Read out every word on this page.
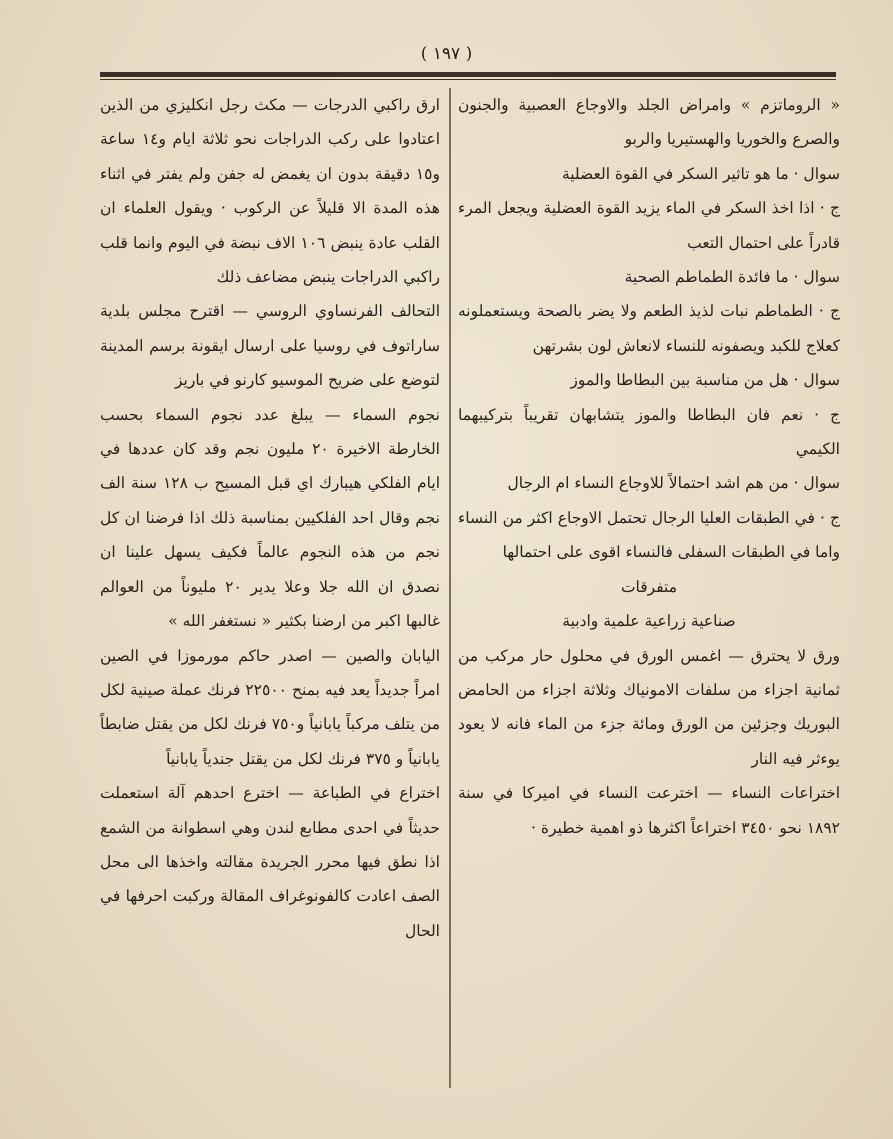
( ١٩٧ )

« الروماتزم » وامراض الجلد والاوجاع العصبية والجنون والصرع والخوريا والهستيريا والربو

سوال · ما هو تاثير السكر في القوة العضلية

ج · اذا اخذ السكر في الماء يزيد القوة العضلية ويجعل المرء قادراً على احتمال التعب

سوال · ما فائدة الطماطم الصحية

ج · الطماطم نبات لذيذ الطعم ولا يضر بالصحة ويستعملونه كعلاج للكبد ويصفونه للنساء لانعاش لون بشرتهن

سوال · هل من مناسبة بين البطاطا والموز

ج · نعم فان البطاطا والموز يتشابهان تقريباً بتركيبهما الكيمي

سوال · من هم اشد احتمالاً للاوجاع النساء ام الرجال

ج · في الطبقات العليا الرجال تحتمل الاوجاع اكثر من النساء واما في الطبقات السفلى فالنساء اقوى على احتمالها

متفرقات

صناعية زراعية علمية وادبية

ورق لا يحترق — اغمس الورق في محلول حار مركب من ثمانية اجزاء من سلفات الامونياك وثلاثة اجزاء من الحامض البوريك وجزئين من الورق ومائة جزء من الماء فانه لا يعود يوءثر فيه النار

اختراعات النساء — اخترعت النساء في اميركا في سنة ١٨٩٢ نحو ٣٤٥٠ اختراعاً اكثرها ذو اهمية خطيرة ·

ارق راكبي الدرجات — مكث رجل انكليزي من الذين اعتادوا على ركب الدراجات نحو ثلاثة ايام و١٤ ساعة و١٥ دقيقة بدون ان يغمض له جفن ولم يفتر في اثناء هذه المدة الا قليلاً عن الركوب · ويقول العلماء ان القلب عادة ينبض ١٠٦ الاف نبضة في اليوم وانما قلب راكبي الدراجات ينبض مضاعف ذلك

التحالف الفرنساوي الروسي — اقترح مجلس بلدية ساراتوف في روسيا على ارسال ايقونة برسم المدينة لتوضع على ضريح الموسيو كارنو في باريز

نجوم السماء — يبلغ عدد نجوم السماء بحسب الخارطة الاخيرة ٢٠ مليون نجم وقد كان عددها في ايام الفلكي هيبارك اي قبل المسيح ب ١٢٨ سنة الف نجم وقال احد الفلكيين بمناسبة ذلك اذا فرضنا ان كل نجم من هذه النجوم عالماً فكيف يسهل علينا ان نصدق ان الله جلا وعلا يدير ٢٠ مليوناً من العوالم غالبها اكبر من ارضنا بكثير « نستغفر الله »

اليابان والصين — اصدر حاكم مورموزا في الصين امراً جديداً يعد فيه بمنح ٢٢٥٠٠ فرنك عملة صينية لكل من يتلف مركباً يابانياً و٧٥٠ فرنك لكل من يقتل ضابطاً يابانياً و ٣٧٥ فرنك لكل من يقتل جندياً يابانياً

اختراع في الطباعة — اخترع احدهم آلة استعملت حديثاً في احدى مطابع لندن وهي اسطوانة من الشمع اذا نطق فيها محرر الجريدة مقالته واخذها الى محل الصف اعادت كالفونوغراف المقالة وركبت احرفها في الحال
